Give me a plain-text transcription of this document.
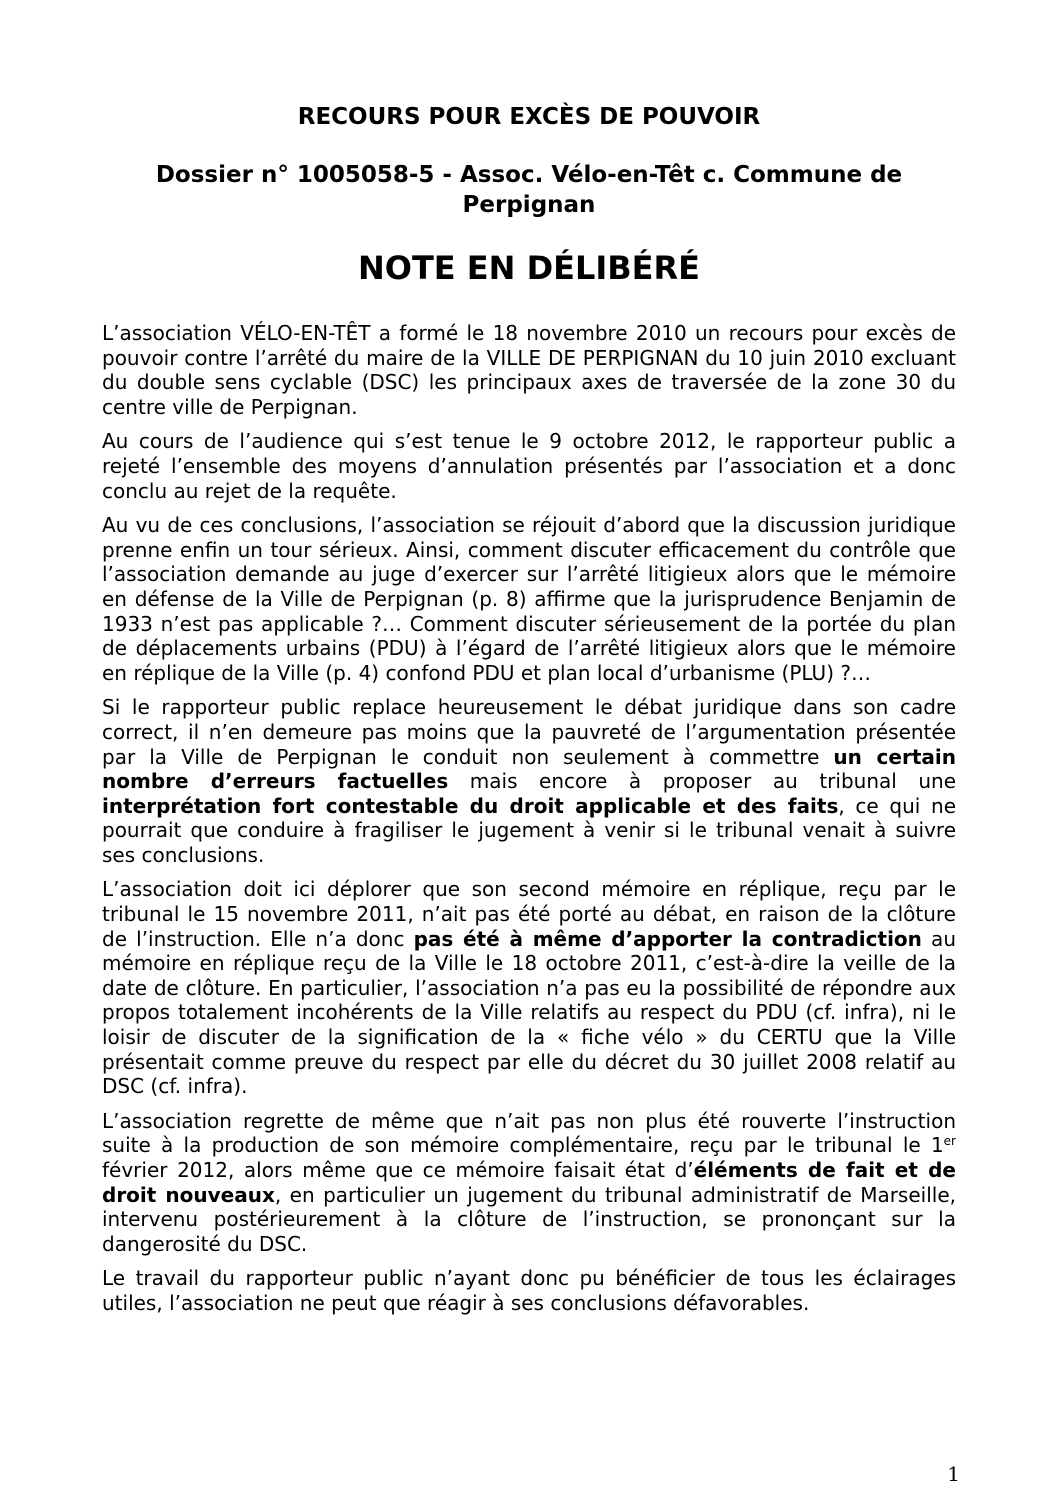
RECOURS POUR EXCÈS DE POUVOIR
Dossier n° 1005058-5 - Assoc. Vélo-en-Têt c. Commune de Perpignan
NOTE EN DÉLIBÉRÉ

L’association VÉLO-EN-TÊT a formé le 18 novembre 2010 un recours pour excès de pouvoir contre l’arrêté du maire de la VILLE DE PERPIGNAN du 10 juin 2010 excluant du double sens cyclable (DSC) les principaux axes de traversée de la zone 30 du centre ville de Perpignan.

Au cours de l’audience qui s’est tenue le 9 octobre 2012, le rapporteur public a rejeté l’ensemble des moyens d’annulation présentés par l’association et a donc conclu au rejet de la requête.

Au vu de ces conclusions, l’association se réjouit d’abord que la discussion juridique prenne enfin un tour sérieux. Ainsi, comment discuter efficacement du contrôle que l’association demande au juge d’exercer sur l’arrêté litigieux alors que le mémoire en défense de la Ville de Perpignan (p. 8) affirme que la jurisprudence Benjamin de 1933 n’est pas applicable ?… Comment discuter sérieusement de la portée du plan de déplacements urbains (PDU) à l’égard de l’arrêté litigieux alors que le mémoire en réplique de la Ville (p. 4) confond PDU et plan local d’urbanisme (PLU) ?…

Si le rapporteur public replace heureusement le débat juridique dans son cadre correct, il n’en demeure pas moins que la pauvreté de l’argumentation présentée par la Ville de Perpignan le conduit non seulement à commettre un certain nombre d’erreurs factuelles mais encore à proposer au tribunal une interprétation fort contestable du droit applicable et des faits, ce qui ne pourrait que conduire à fragiliser le jugement à venir si le tribunal venait à suivre ses conclusions.

L’association doit ici déplorer que son second mémoire en réplique, reçu par le tribunal le 15 novembre 2011, n’ait pas été porté au débat, en raison de la clôture de l’instruction. Elle n’a donc pas été à même d’apporter la contradiction au mémoire en réplique reçu de la Ville le 18 octobre 2011, c’est-à-dire la veille de la date de clôture. En particulier, l’association n’a pas eu la possibilité de répondre aux propos totalement incohérents de la Ville relatifs au respect du PDU (cf. infra), ni le loisir de discuter de la signification de la « fiche vélo » du CERTU que la Ville présentait comme preuve du respect par elle du décret du 30 juillet 2008 relatif au DSC (cf. infra).

L’association regrette de même que n’ait pas non plus été rouverte l’instruction suite à la production de son mémoire complémentaire, reçu par le tribunal le 1er février 2012, alors même que ce mémoire faisait état d’éléments de fait et de droit nouveaux, en particulier un jugement du tribunal administratif de Marseille, intervenu postérieurement à la clôture de l’instruction, se prononçant sur la dangerosité du DSC.

Le travail du rapporteur public n’ayant donc pu bénéficier de tous les éclairages utiles, l’association ne peut que réagir à ses conclusions défavorables.

1
